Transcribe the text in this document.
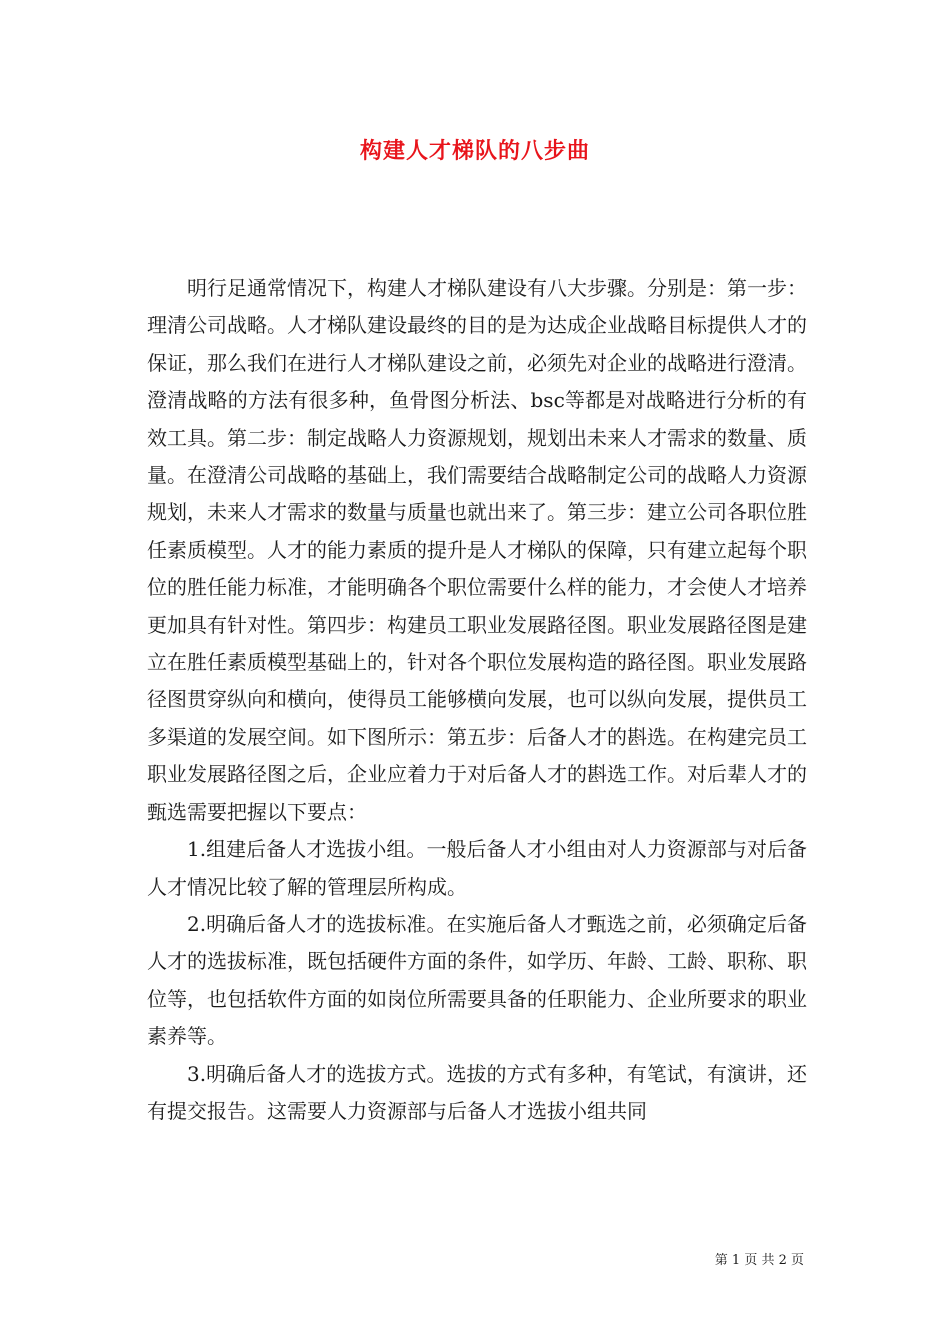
构建人才梯队的八步曲

明行足通常情况下，构建人才梯队建设有八大步骤。分别是：第一步：理清公司战略。人才梯队建设最终的目的是为达成企业战略目标提供人才的保证，那么我们在进行人才梯队建设之前，必须先对企业的战略进行澄清。澄清战略的方法有很多种，鱼骨图分析法、bsc等都是对战略进行分析的有效工具。第二步：制定战略人力资源规划，规划出未来人才需求的数量、质量。在澄清公司战略的基础上，我们需要结合战略制定公司的战略人力资源规划，未来人才需求的数量与质量也就出来了。第三步：建立公司各职位胜任素质模型。人才的能力素质的提升是人才梯队的保障，只有建立起每个职位的胜任能力标准，才能明确各个职位需要什么样的能力，才会使人才培养更加具有针对性。第四步：构建员工职业发展路径图。职业发展路径图是建立在胜任素质模型基础上的，针对各个职位发展构造的路径图。职业发展路径图贯穿纵向和横向，使得员工能够横向发展，也可以纵向发展，提供员工多渠道的发展空间。如下图所示：第五步：后备人才的斟选。在构建完员工职业发展路径图之后，企业应着力于对后备人才的斟选工作。对后辈人才的甄选需要把握以下要点：

1.组建后备人才选拔小组。一般后备人才小组由对人力资源部与对后备人才情况比较了解的管理层所构成。

2.明确后备人才的选拔标准。在实施后备人才甄选之前，必须确定后备人才的选拔标准，既包括硬件方面的条件，如学历、年龄、工龄、职称、职位等，也包括软件方面的如岗位所需要具备的任职能力、企业所要求的职业素养等。

3.明确后备人才的选拔方式。选拔的方式有多种，有笔试，有演讲，还有提交报告。这需要人力资源部与后备人才选拔小组共同

第 1 页 共 2 页
